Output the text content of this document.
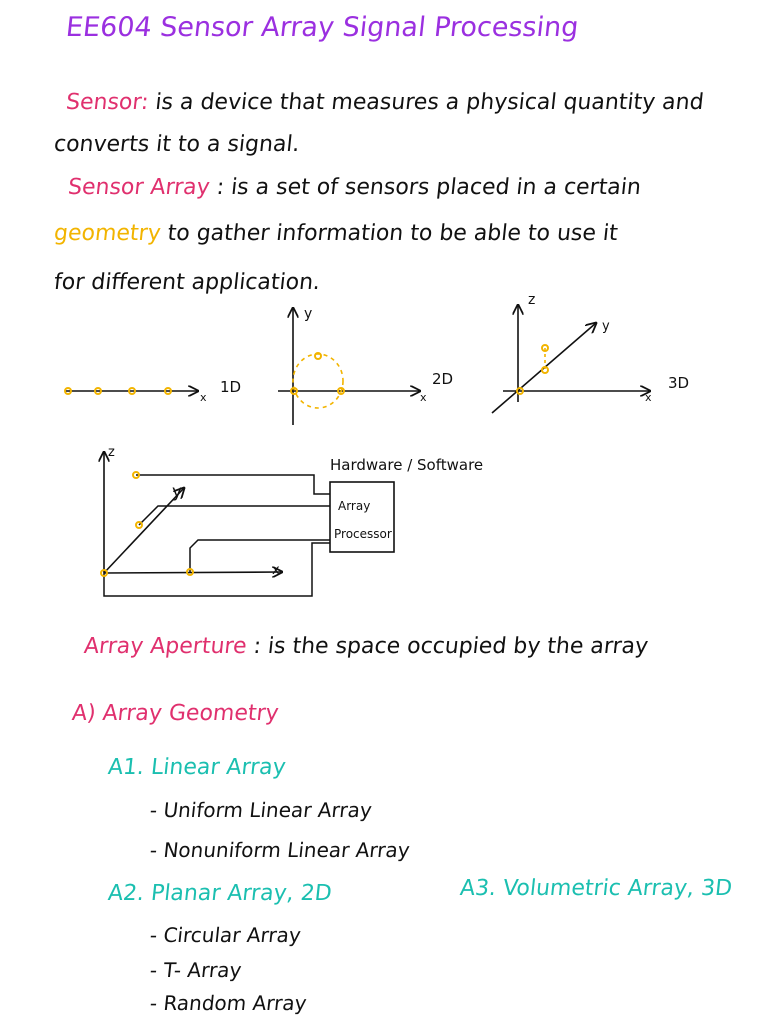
EE604 Sensor Array Signal Processing
Sensor: is a device that measures a physical quantity and
converts it to a signal.
Sensor Array : is a set of sensors placed in a certain
geometry to gather information to be able to use it
for different application.
x
1D
y
x
2D
z
y
x
3D
z
y
x
Array
Processor
Hardware / Software
Array Aperture : is the space occupied by the array
A) Array Geometry
A1. Linear Array
- Uniform Linear Array
- Nonuniform Linear Array
A2. Planar Array, 2D	A3. Volumetric Array, 3D
- Circular Array
- T- Array
- Random Array
